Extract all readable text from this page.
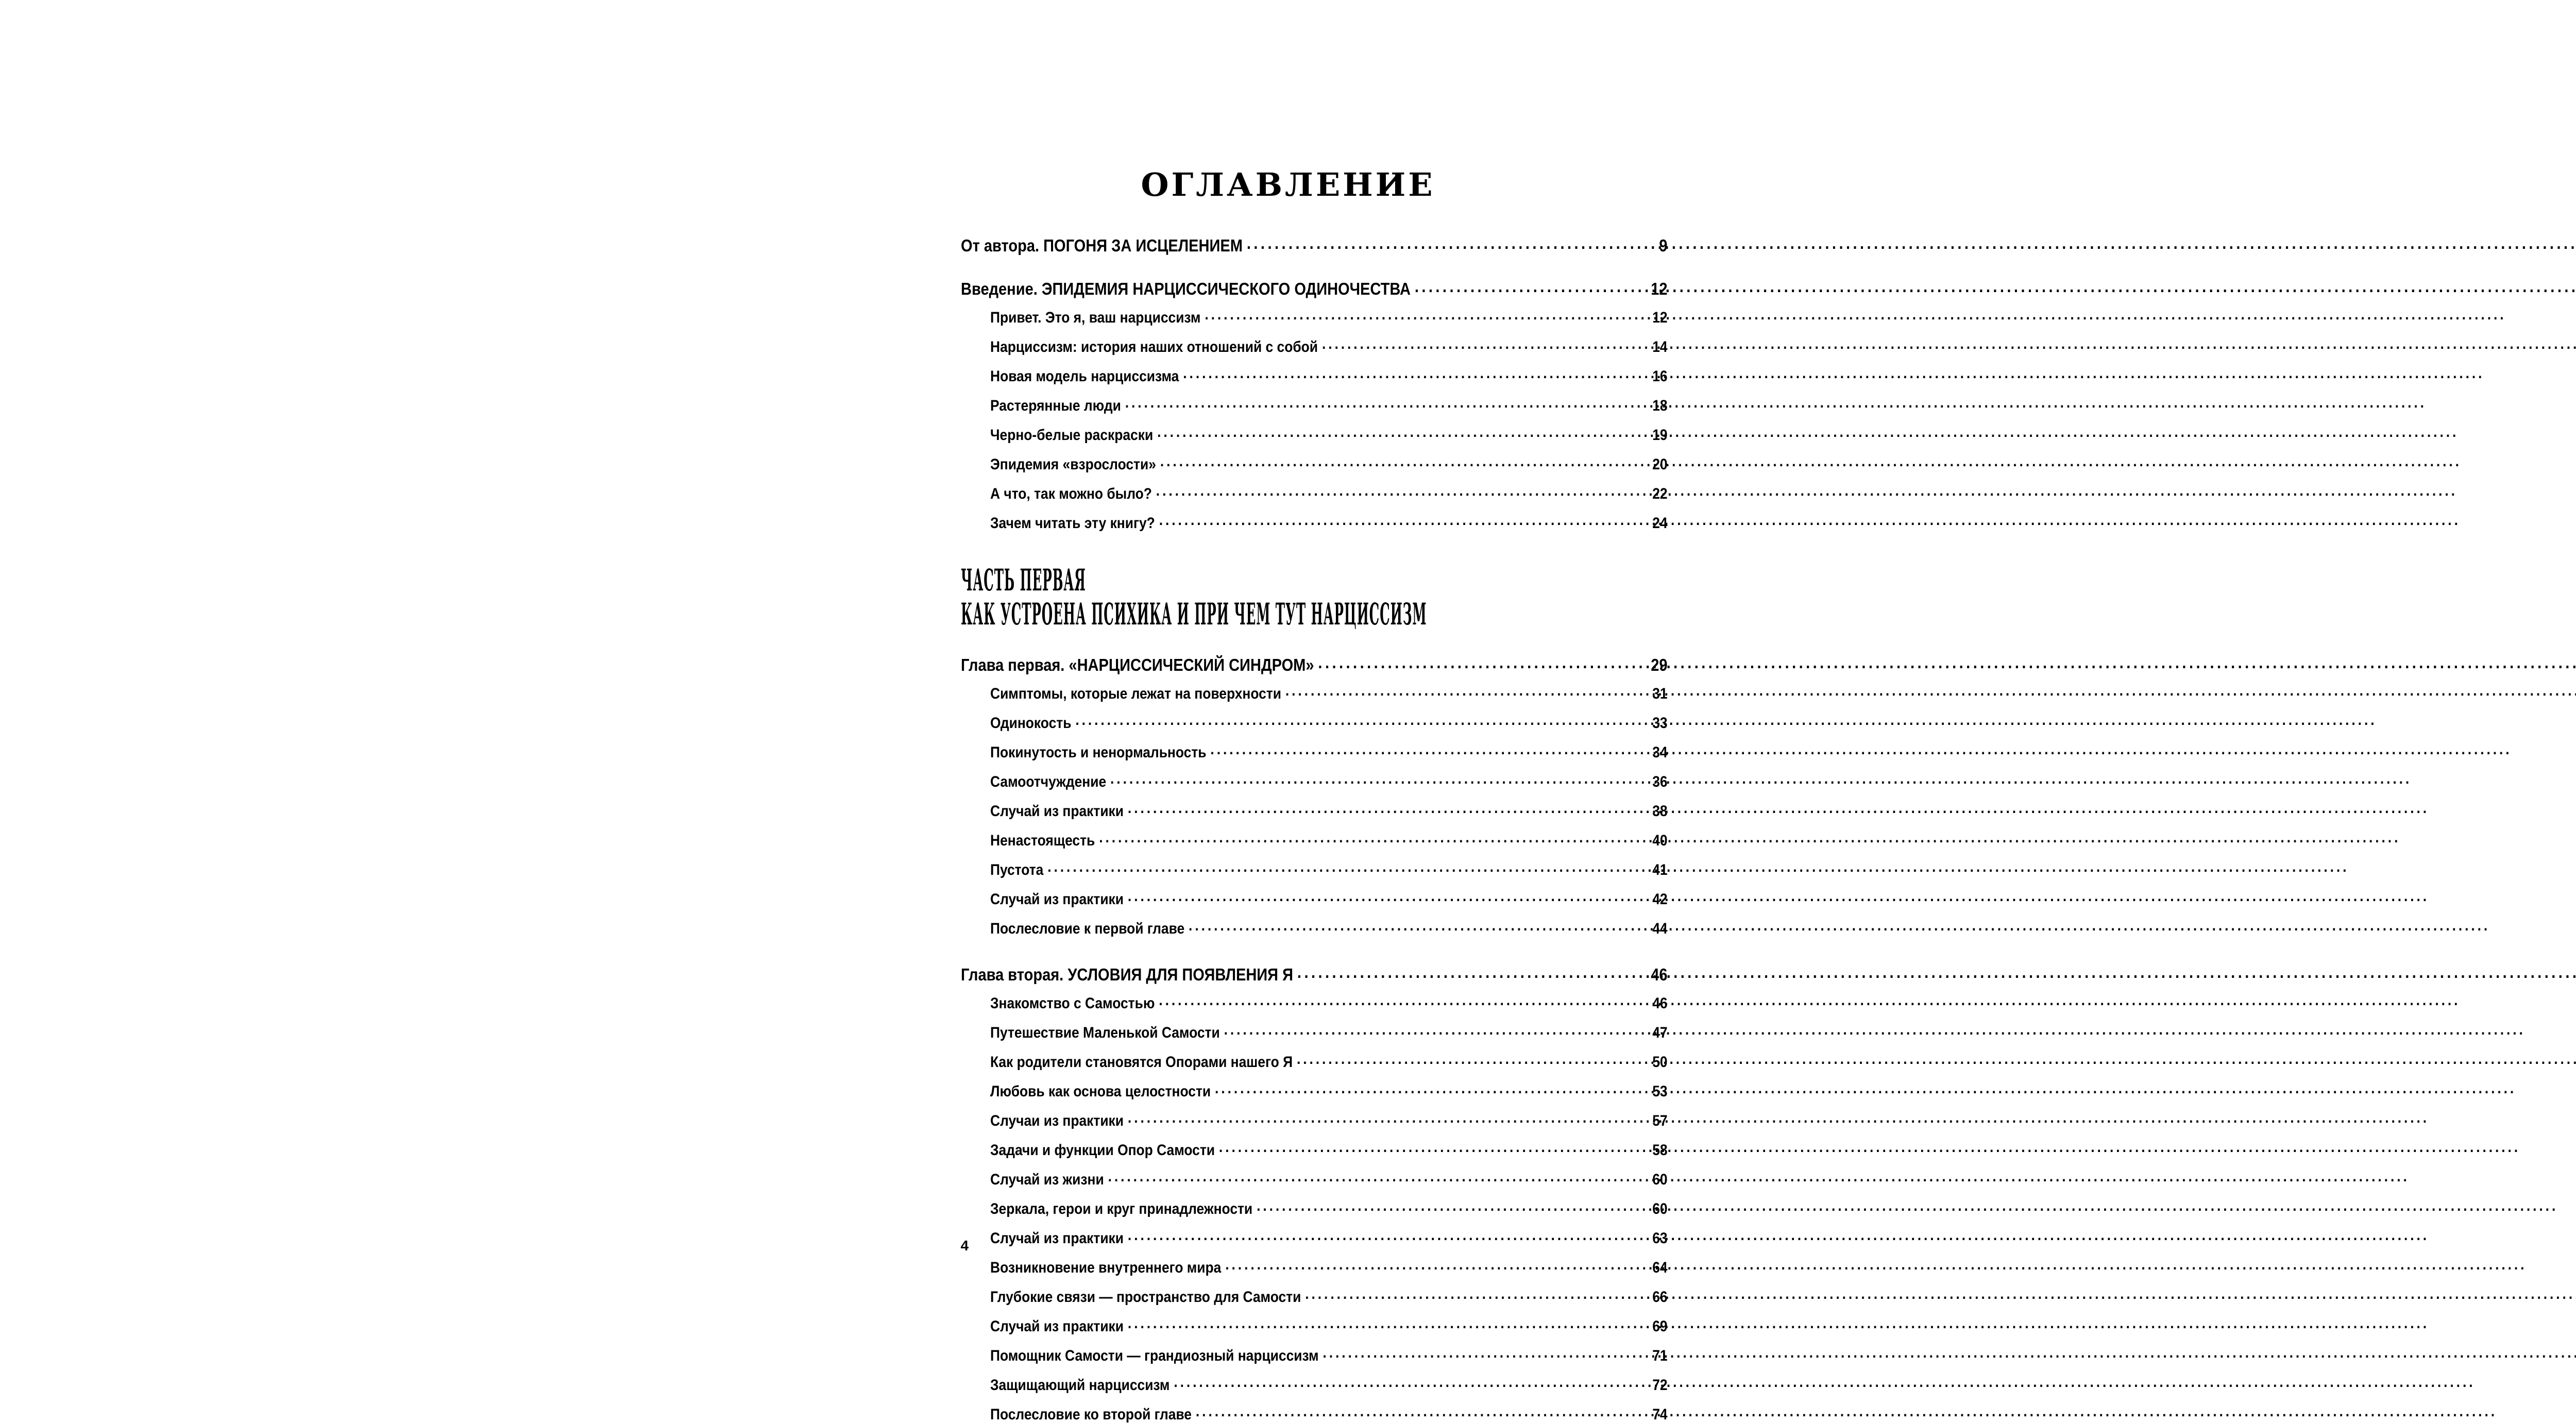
ОГЛАВЛЕНИЕ
От автора. ПОГОНЯ ЗА ИСЦЕЛЕНИЕМ .....	9
Введение. ЭПИДЕМИЯ НАРЦИССИЧЕСКОГО ОДИНОЧЕСТВА .....	12
Привет. Это я, ваш нарциссизм .....	12
Нарциссизм: история наших отношений с собой .....	14
Новая модель нарциссизма .....	16
Растерянные люди .....	18
Черно-белые раскраски .....	19
Эпидемия «взрослости» .....	20
А что, так можно было? .....	22
Зачем читать эту книгу? .....	24
ЧАСТЬ ПЕРВАЯ
КАК УСТРОЕНА ПСИХИКА И ПРИ ЧЕМ ТУТ НАРЦИССИЗМ
Глава первая. «НАРЦИССИЧЕСКИЙ СИНДРОМ» .....	29
Симптомы, которые лежат на поверхности .....	31
Одинокость .....	33
Покинутость и ненормальность .....	34
Самоотчуждение .....	36
Случай из практики .....	38
Ненастоящесть .....	40
Пустота .....	41
Случай из практики .....	42
Послесловие к первой главе .....	44
Глава вторая. УСЛОВИЯ ДЛЯ ПОЯВЛЕНИЯ Я .....	46
Знакомство с Самостью .....	46
Путешествие Маленькой Самости .....	47
Как родители становятся Опорами нашего Я .....	50
Любовь как основа целостности .....	53
Случаи из практики .....	57
Задачи и функции Опор Самости .....	58
Случай из жизни .....	60
Зеркала, герои и круг принадлежности .....	60
Случай из практики .....	63
Возникновение внутреннего мира .....	64
Глубокие связи — пространство для Самости .....	66
Случай из практики .....	69
Помощник Самости — грандиозный нарциссизм .....	71
Защищающий нарциссизм .....	72
Послесловие ко второй главе .....	74
4
